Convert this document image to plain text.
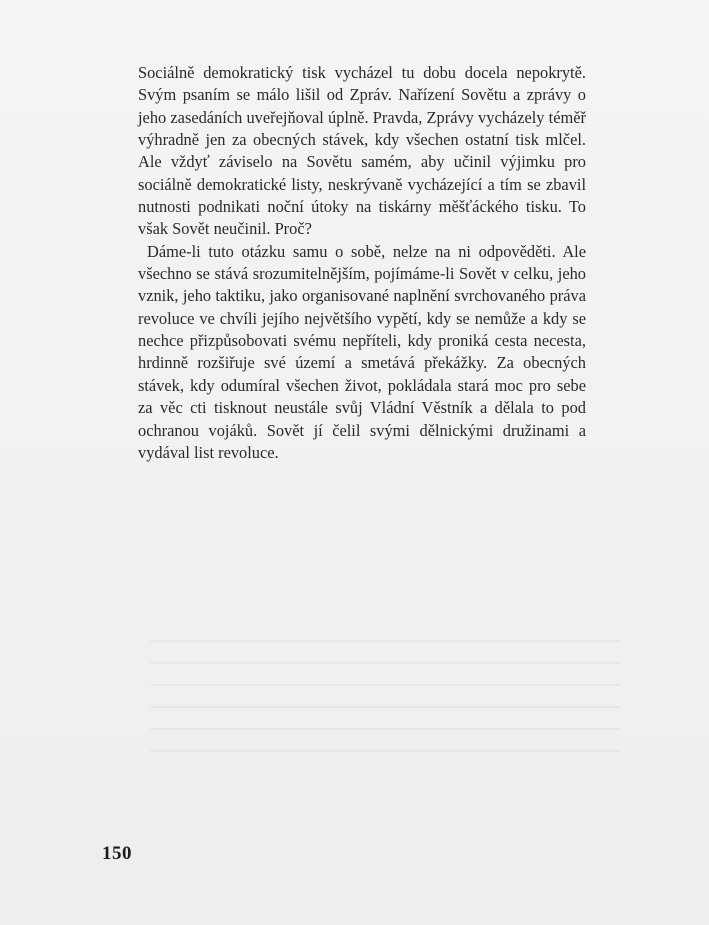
Sociálně demokratický tisk vycházel tu dobu docela nepokrytě. Svým psaním se málo lišil od Zpráv. Nařízení Sovětu a zprávy o jeho zasedáních uveřejňoval úplně. Pravda, Zprávy vycházely téměř výhradně jen za obecných stávek, kdy všechen ostatní tisk mlčel. Ale vždyť záviselo na Sovětu samém, aby učinil výjimku pro sociálně demokratické listy, neskrývaně vycházející a tím se zbavil nutnosti podnikati noční útoky na tiskárny měšťáckého tisku. To však Sovět neučinil. Proč?

Dáme-li tuto otázku samu o sobě, nelze na ni odpověděti. Ale všechno se stává srozumitelnějším, pojímáme-li Sovět v celku, jeho vznik, jeho taktiku, jako organisované naplnění svrchovaného práva revoluce ve chvíli jejího největšího vypětí, kdy se nemůže a kdy se nechce přizpůsobovati svému nepříteli, kdy proniká cesta necesta, hrdinně rozšiřuje své území a smetává překážky. Za obecných stávek, kdy odumíral všechen život, pokládala stará moc pro sebe za věc cti tisknout neustále svůj Vládní Věstník a dělala to pod ochranou vojáků. Sovět jí čelil svými dělnickými družinami a vydával list revoluce.

150
